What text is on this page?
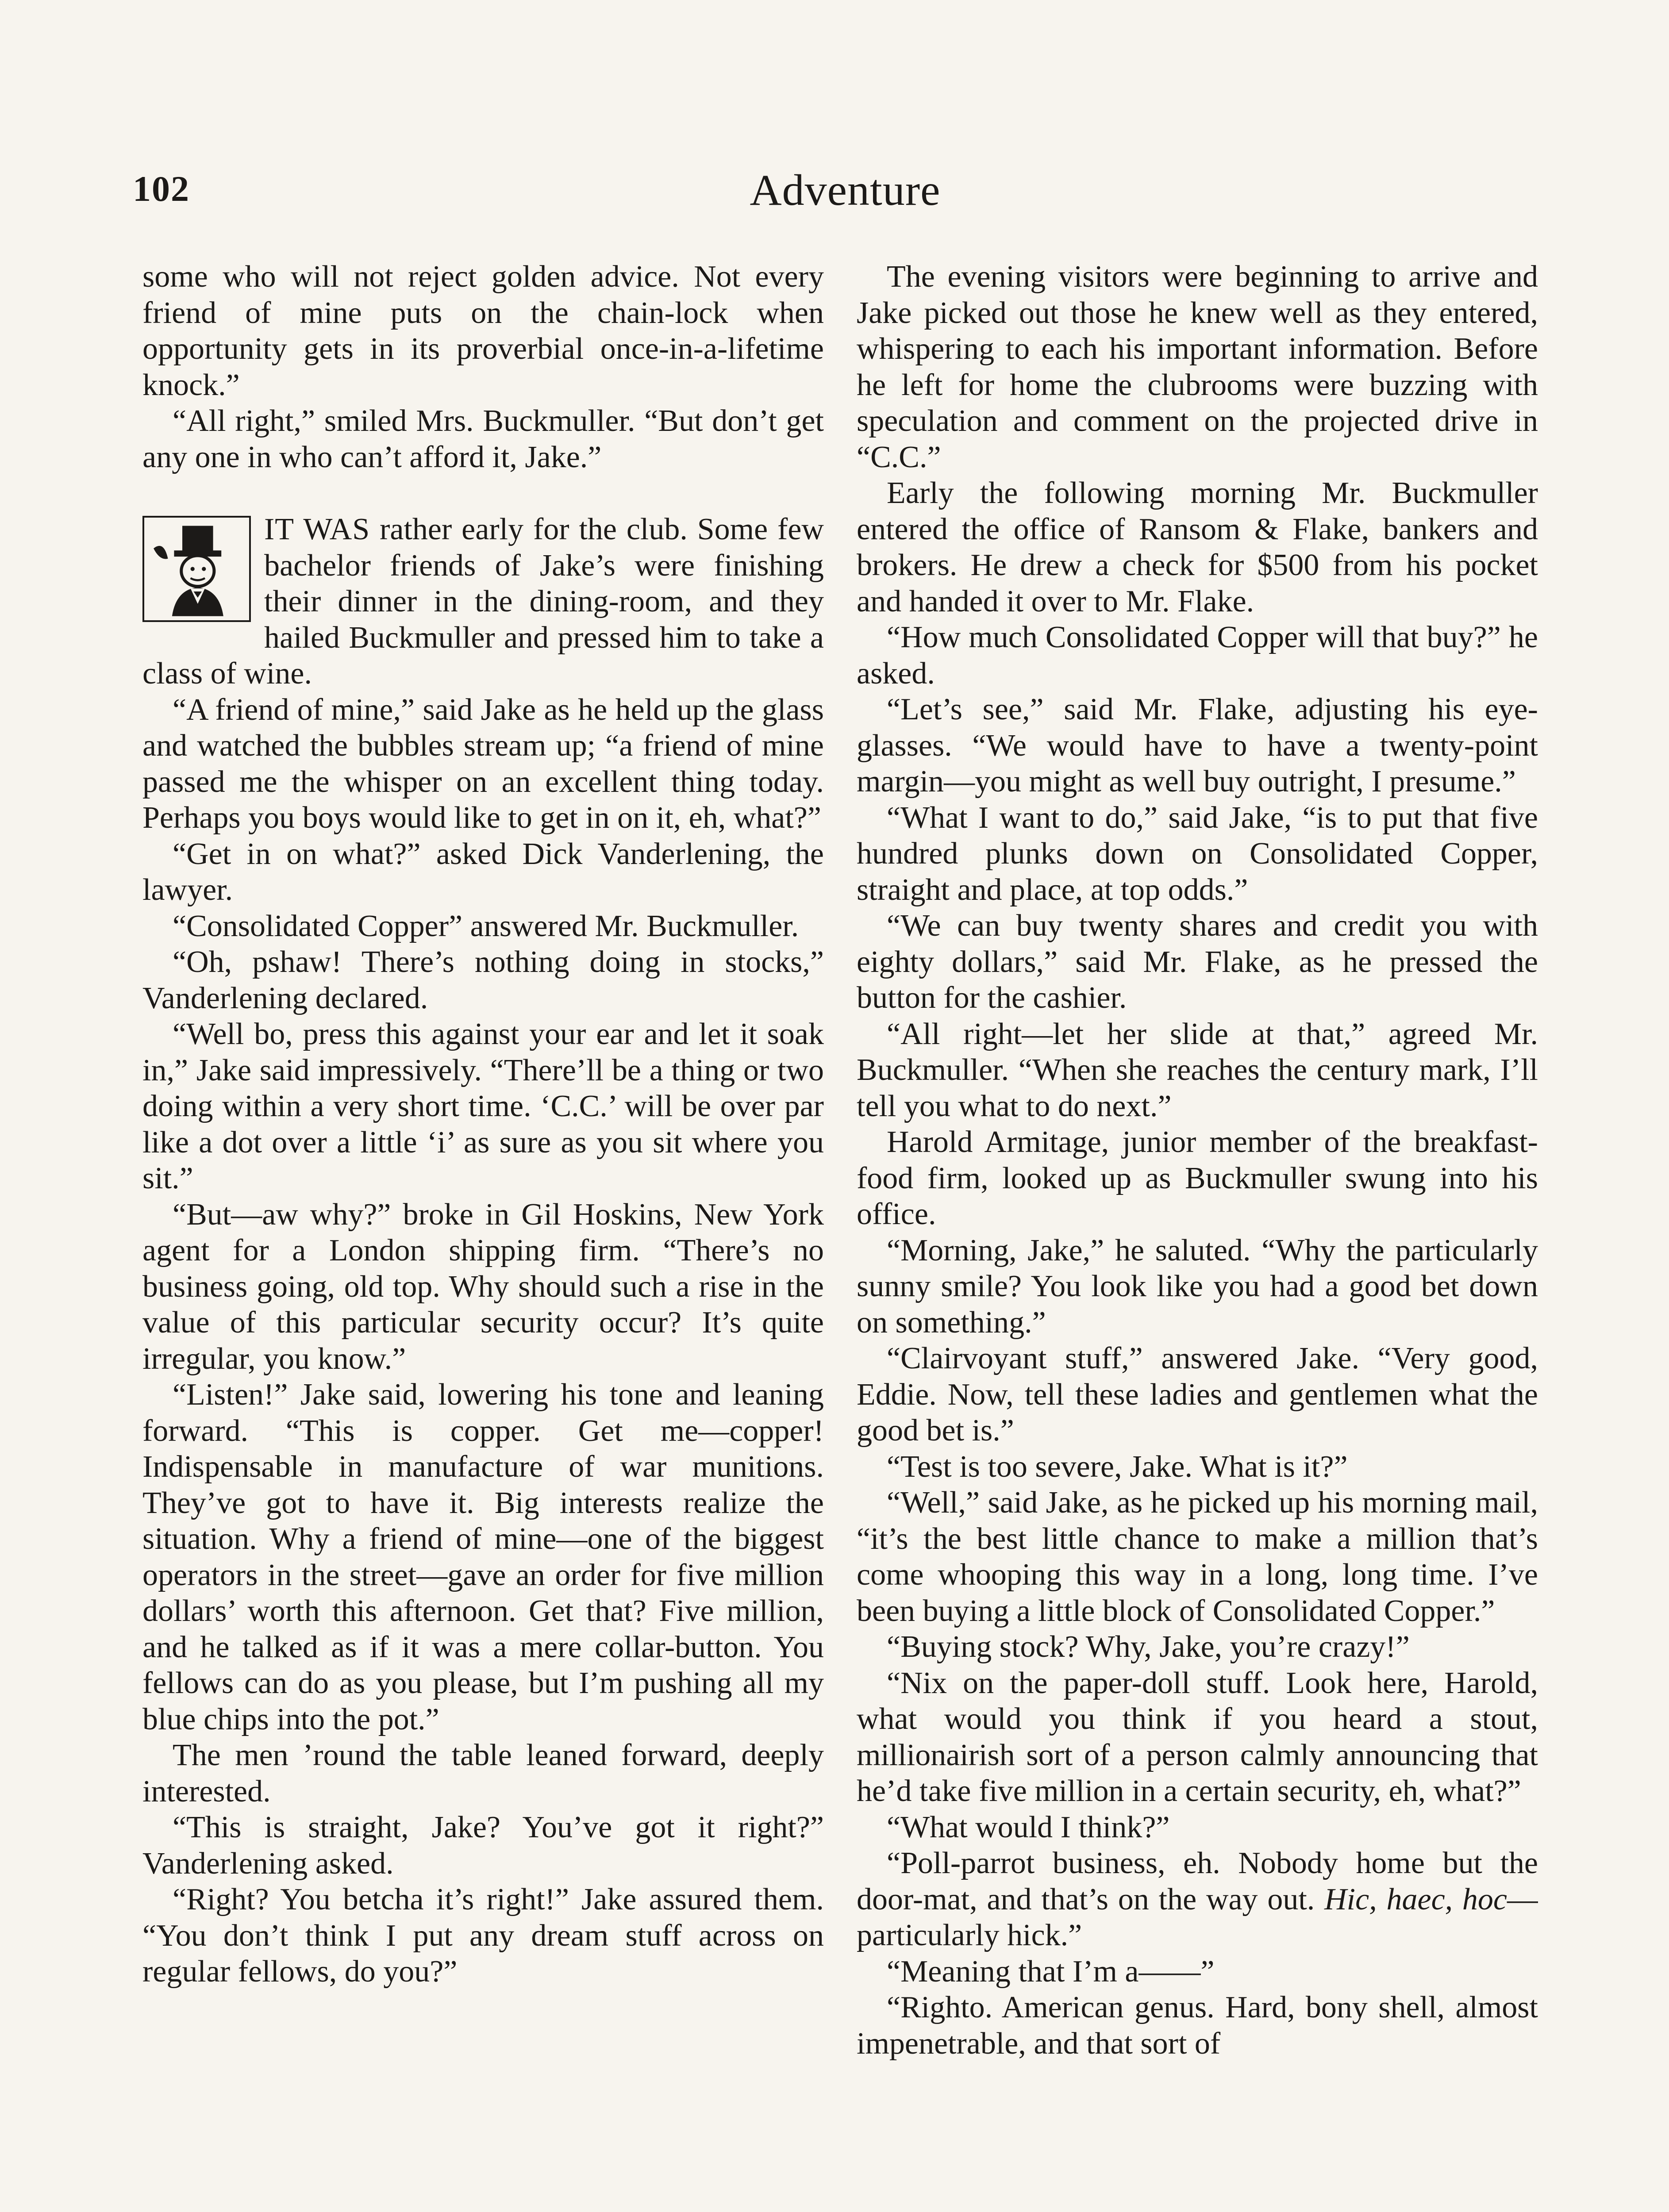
102	Adventure

some who will not reject golden advice. Not every friend of mine puts on the chain-lock when opportunity gets in its proverbial once-in-a-lifetime knock.”

“All right,” smiled Mrs. Buckmuller. “But don’t get any one in who can’t afford it, Jake.”

IT WAS rather early for the club. Some few bachelor friends of Jake’s were finishing their dinner in the dining-room, and they hailed Buckmuller and pressed him to take a class of wine.

“A friend of mine,” said Jake as he held up the glass and watched the bubbles stream up; “a friend of mine passed me the whisper on an excellent thing today. Perhaps you boys would like to get in on it, eh, what?”

“Get in on what?” asked Dick Vanderlening, the lawyer.

“Consolidated Copper” answered Mr. Buckmuller.

“Oh, pshaw! There’s nothing doing in stocks,” Vanderlening declared.

“Well bo, press this against your ear and let it soak in,” Jake said impressively. “There’ll be a thing or two doing within a very short time. ‘C.C.’ will be over par like a dot over a little ‘i’ as sure as you sit where you sit.”

“But—aw why?” broke in Gil Hoskins, New York agent for a London shipping firm. “There’s no business going, old top. Why should such a rise in the value of this particular security occur? It’s quite irregular, you know.”

“Listen!” Jake said, lowering his tone and leaning forward. “This is copper. Get me—copper! Indispensable in manufacture of war munitions. They’ve got to have it. Big interests realize the situation. Why a friend of mine—one of the biggest operators in the street—gave an order for five million dollars’ worth this afternoon. Get that? Five million, and he talked as if it was a mere collar-button. You fellows can do as you please, but I’m pushing all my blue chips into the pot.”

The men ’round the table leaned forward, deeply interested.

“This is straight, Jake? You’ve got it right?” Vanderlening asked.

“Right? You betcha it’s right!” Jake assured them. “You don’t think I put any dream stuff across on regular fellows, do you?”

The evening visitors were beginning to arrive and Jake picked out those he knew well as they entered, whispering to each his important information. Before he left for home the clubrooms were buzzing with speculation and comment on the projected drive in “C.C.”

Early the following morning Mr. Buckmuller entered the office of Ransom & Flake, bankers and brokers. He drew a check for $500 from his pocket and handed it over to Mr. Flake.

“How much Consolidated Copper will that buy?” he asked.

“Let’s see,” said Mr. Flake, adjusting his eye-glasses. “We would have to have a twenty-point margin—you might as well buy outright, I presume.”

“What I want to do,” said Jake, “is to put that five hundred plunks down on Consolidated Copper, straight and place, at top odds.”

“We can buy twenty shares and credit you with eighty dollars,” said Mr. Flake, as he pressed the button for the cashier.

“All right—let her slide at that,” agreed Mr. Buckmuller. “When she reaches the century mark, I’ll tell you what to do next.”

Harold Armitage, junior member of the breakfast-food firm, looked up as Buckmuller swung into his office.

“Morning, Jake,” he saluted. “Why the particularly sunny smile? You look like you had a good bet down on something.”

“Clairvoyant stuff,” answered Jake. “Very good, Eddie. Now, tell these ladies and gentlemen what the good bet is.”

“Test is too severe, Jake. What is it?”

“Well,” said Jake, as he picked up his morning mail, “it’s the best little chance to make a million that’s come whooping this way in a long, long time. I’ve been buying a little block of Consolidated Copper.”

“Buying stock? Why, Jake, you’re crazy!”

“Nix on the paper-doll stuff. Look here, Harold, what would you think if you heard a stout, millionairish sort of a person calmly announcing that he’d take five million in a certain security, eh, what?”

“What would I think?”

“Poll-parrot business, eh. Nobody home but the door-mat, and that’s on the way out. Hic, haec, hoc—particularly hick.”

“Meaning that I’m a——”

“Righto. American genus. Hard, bony shell, almost impenetrable, and that sort of
